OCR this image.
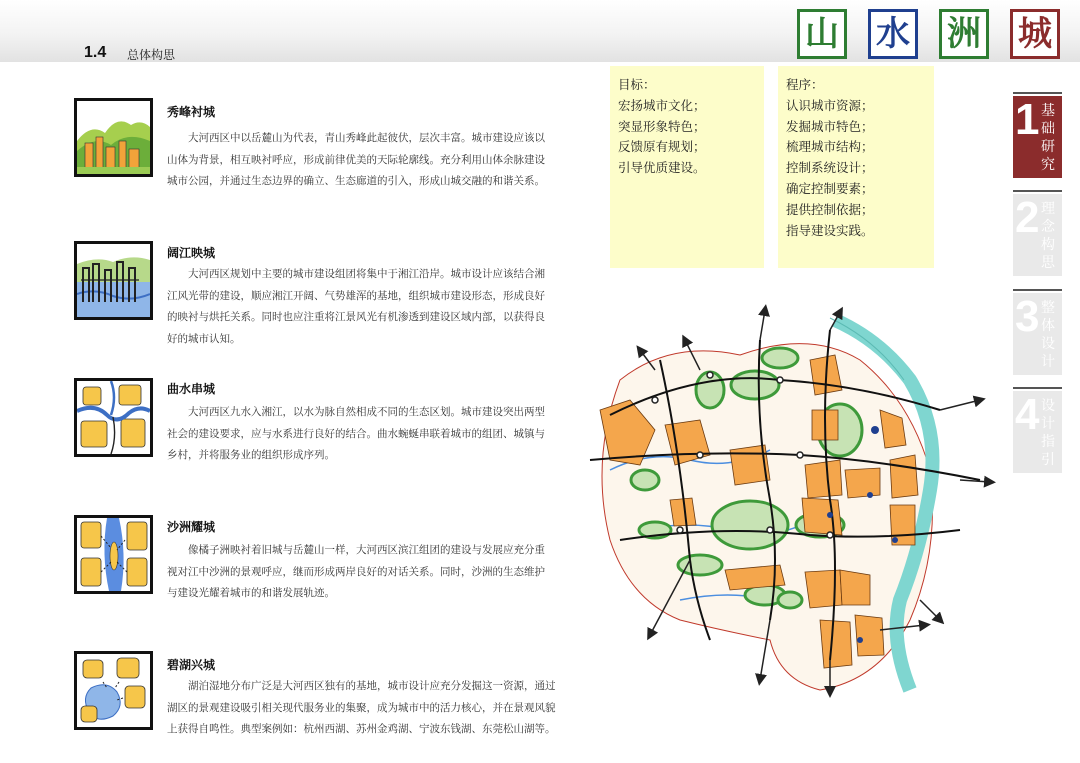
1.4 总体构思
山 水 洲 城
秀峰衬城

大河西区中以岳麓山为代表，青山秀峰此起彼伏，层次丰富。城市建设应该以山体为背景，相互映衬呼应，形成前律优美的天际轮廓线。充分利用山体余脉建设城市公园，并通过生态边界的确立、生态廊道的引入，形成山城交融的和谐关系。

阔江映城

大河西区规划中主要的城市建设组团将集中于湘江沿岸。城市设计应该结合湘江风光带的建设，顺应湘江开阔、气势雄浑的基地，组织城市建设形态，形成良好的映衬与烘托关系。同时也应注重将江景风光有机渗透到建设区域内部，以获得良好的城市认知。

曲水串城

大河西区九水入湘江，以水为脉自然相成不同的生态区划。城市建设突出两型社会的建设要求，应与水系进行良好的结合。曲水蜿蜒串联着城市的组团、城镇与乡村，并将服务业的组织形成序列。

沙洲耀城

像橘子洲映衬着旧城与岳麓山一样，大河西区滨江组团的建设与发展应充分重视对江中沙洲的景观呼应，继而形成两岸良好的对话关系。同时，沙洲的生态维护与建设光耀着城市的和谐发展轨迹。

碧湖兴城

湖泊湿地分布广泛是大河西区独有的基地，城市设计应充分发掘这一资源，通过湖区的景观建设吸引相关现代服务业的集聚，成为城市中的活力核心，并在景观风貌上获得自鸣性。典型案例如：杭州西湖、苏州金鸡湖、宁波东钱湖、东莞松山湖等。

目标：
宏扬城市文化；
突显形象特色；
反馈原有规划；
引导优质建设。
程序：
认识城市资源；
发掘城市特色；
梳理城市结构；
控制系统设计；
确定控制要素；
提供控制依据；
指导建设实践。
1 基础研究
2 理念构思
3 整体设计
4 设计指引
